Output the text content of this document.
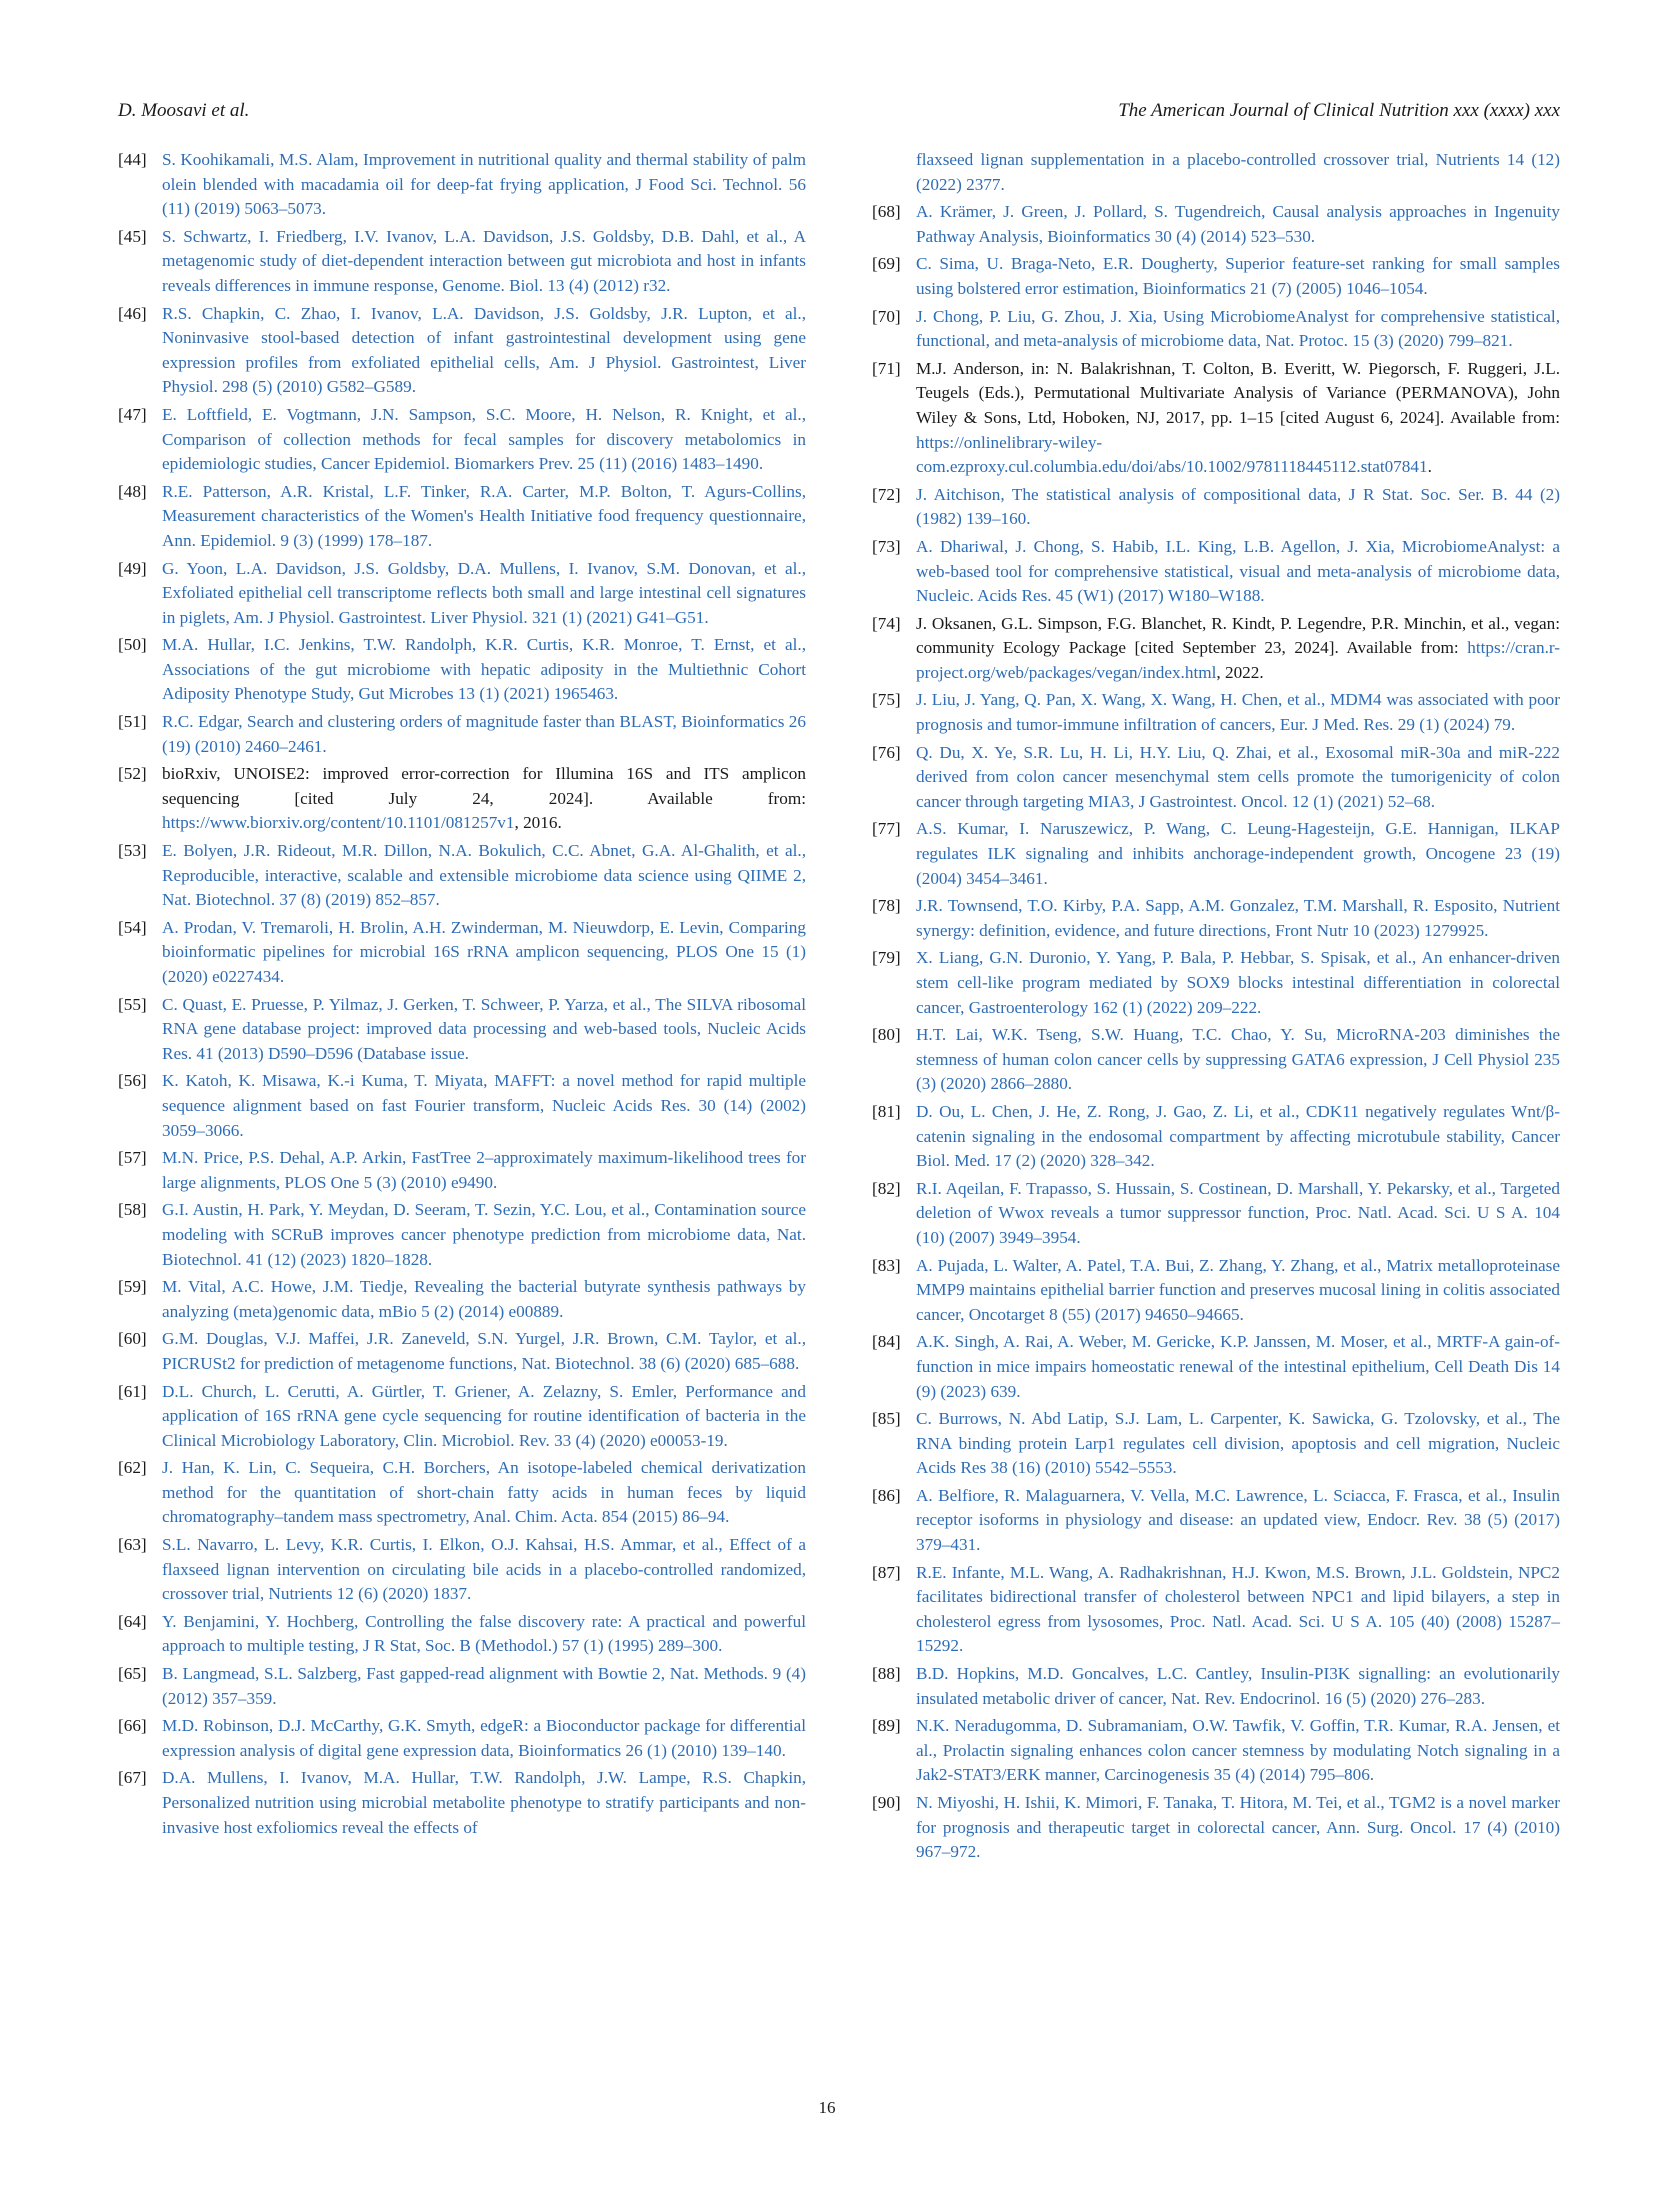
D. Moosavi et al.	The American Journal of Clinical Nutrition xxx (xxxx) xxx
[44] S. Koohikamali, M.S. Alam, Improvement in nutritional quality and thermal stability of palm olein blended with macadamia oil for deep-fat frying application, J Food Sci. Technol. 56 (11) (2019) 5063–5073.
[45] S. Schwartz, I. Friedberg, I.V. Ivanov, L.A. Davidson, J.S. Goldsby, D.B. Dahl, et al., A metagenomic study of diet-dependent interaction between gut microbiota and host in infants reveals differences in immune response, Genome. Biol. 13 (4) (2012) r32.
[46] R.S. Chapkin, C. Zhao, I. Ivanov, L.A. Davidson, J.S. Goldsby, J.R. Lupton, et al., Noninvasive stool-based detection of infant gastrointestinal development using gene expression profiles from exfoliated epithelial cells, Am. J Physiol. Gastrointest, Liver Physiol. 298 (5) (2010) G582–G589.
[47] E. Loftfield, E. Vogtmann, J.N. Sampson, S.C. Moore, H. Nelson, R. Knight, et al., Comparison of collection methods for fecal samples for discovery metabolomics in epidemiologic studies, Cancer Epidemiol. Biomarkers Prev. 25 (11) (2016) 1483–1490.
[48] R.E. Patterson, A.R. Kristal, L.F. Tinker, R.A. Carter, M.P. Bolton, T. Agurs-Collins, Measurement characteristics of the Women's Health Initiative food frequency questionnaire, Ann. Epidemiol. 9 (3) (1999) 178–187.
[49] G. Yoon, L.A. Davidson, J.S. Goldsby, D.A. Mullens, I. Ivanov, S.M. Donovan, et al., Exfoliated epithelial cell transcriptome reflects both small and large intestinal cell signatures in piglets, Am. J Physiol. Gastrointest. Liver Physiol. 321 (1) (2021) G41–G51.
[50] M.A. Hullar, I.C. Jenkins, T.W. Randolph, K.R. Curtis, K.R. Monroe, T. Ernst, et al., Associations of the gut microbiome with hepatic adiposity in the Multiethnic Cohort Adiposity Phenotype Study, Gut Microbes 13 (1) (2021) 1965463.
[51] R.C. Edgar, Search and clustering orders of magnitude faster than BLAST, Bioinformatics 26 (19) (2010) 2460–2461.
[52] bioRxiv, UNOISE2: improved error-correction for Illumina 16S and ITS amplicon sequencing [cited July 24, 2024]. Available from: https://www.biorxiv.org/content/10.1101/081257v1, 2016.
[53] E. Bolyen, J.R. Rideout, M.R. Dillon, N.A. Bokulich, C.C. Abnet, G.A. Al-Ghalith, et al., Reproducible, interactive, scalable and extensible microbiome data science using QIIME 2, Nat. Biotechnol. 37 (8) (2019) 852–857.
[54] A. Prodan, V. Tremaroli, H. Brolin, A.H. Zwinderman, M. Nieuwdorp, E. Levin, Comparing bioinformatic pipelines for microbial 16S rRNA amplicon sequencing, PLOS One 15 (1) (2020) e0227434.
[55] C. Quast, E. Pruesse, P. Yilmaz, J. Gerken, T. Schweer, P. Yarza, et al., The SILVA ribosomal RNA gene database project: improved data processing and web-based tools, Nucleic Acids Res. 41 (2013) D590–D596 (Database issue.
[56] K. Katoh, K. Misawa, K.-i Kuma, T. Miyata, MAFFT: a novel method for rapid multiple sequence alignment based on fast Fourier transform, Nucleic Acids Res. 30 (14) (2002) 3059–3066.
[57] M.N. Price, P.S. Dehal, A.P. Arkin, FastTree 2–approximately maximum-likelihood trees for large alignments, PLOS One 5 (3) (2010) e9490.
[58] G.I. Austin, H. Park, Y. Meydan, D. Seeram, T. Sezin, Y.C. Lou, et al., Contamination source modeling with SCRuB improves cancer phenotype prediction from microbiome data, Nat. Biotechnol. 41 (12) (2023) 1820–1828.
[59] M. Vital, A.C. Howe, J.M. Tiedje, Revealing the bacterial butyrate synthesis pathways by analyzing (meta)genomic data, mBio 5 (2) (2014) e00889.
[60] G.M. Douglas, V.J. Maffei, J.R. Zaneveld, S.N. Yurgel, J.R. Brown, C.M. Taylor, et al., PICRUSt2 for prediction of metagenome functions, Nat. Biotechnol. 38 (6) (2020) 685–688.
[61] D.L. Church, L. Cerutti, A. Gürtler, T. Griener, A. Zelazny, S. Emler, Performance and application of 16S rRNA gene cycle sequencing for routine identification of bacteria in the Clinical Microbiology Laboratory, Clin. Microbiol. Rev. 33 (4) (2020) e00053-19.
[62] J. Han, K. Lin, C. Sequeira, C.H. Borchers, An isotope-labeled chemical derivatization method for the quantitation of short-chain fatty acids in human feces by liquid chromatography–tandem mass spectrometry, Anal. Chim. Acta. 854 (2015) 86–94.
[63] S.L. Navarro, L. Levy, K.R. Curtis, I. Elkon, O.J. Kahsai, H.S. Ammar, et al., Effect of a flaxseed lignan intervention on circulating bile acids in a placebo-controlled randomized, crossover trial, Nutrients 12 (6) (2020) 1837.
[64] Y. Benjamini, Y. Hochberg, Controlling the false discovery rate: A practical and powerful approach to multiple testing, J R Stat, Soc. B (Methodol.) 57 (1) (1995) 289–300.
[65] B. Langmead, S.L. Salzberg, Fast gapped-read alignment with Bowtie 2, Nat. Methods. 9 (4) (2012) 357–359.
[66] M.D. Robinson, D.J. McCarthy, G.K. Smyth, edgeR: a Bioconductor package for differential expression analysis of digital gene expression data, Bioinformatics 26 (1) (2010) 139–140.
[67] D.A. Mullens, I. Ivanov, M.A. Hullar, T.W. Randolph, J.W. Lampe, R.S. Chapkin, Personalized nutrition using microbial metabolite phenotype to stratify participants and non-invasive host exfoliomics reveal the effects of
flaxseed lignan supplementation in a placebo-controlled crossover trial, Nutrients 14 (12) (2022) 2377.
[68] A. Krämer, J. Green, J. Pollard, S. Tugendreich, Causal analysis approaches in Ingenuity Pathway Analysis, Bioinformatics 30 (4) (2014) 523–530.
[69] C. Sima, U. Braga-Neto, E.R. Dougherty, Superior feature-set ranking for small samples using bolstered error estimation, Bioinformatics 21 (7) (2005) 1046–1054.
[70] J. Chong, P. Liu, G. Zhou, J. Xia, Using MicrobiomeAnalyst for comprehensive statistical, functional, and meta-analysis of microbiome data, Nat. Protoc. 15 (3) (2020) 799–821.
[71] M.J. Anderson, in: N. Balakrishnan, T. Colton, B. Everitt, W. Piegorsch, F. Ruggeri, J.L. Teugels (Eds.), Permutational Multivariate Analysis of Variance (PERMANOVA), John Wiley & Sons, Ltd, Hoboken, NJ, 2017, pp. 1–15 [cited August 6, 2024]. Available from: https://onlinelibrary-wiley-com.ezproxy.cul.columbia.edu/doi/abs/10.1002/9781118445112.stat07841.
[72] J. Aitchison, The statistical analysis of compositional data, J R Stat. Soc. Ser. B. 44 (2) (1982) 139–160.
[73] A. Dhariwal, J. Chong, S. Habib, I.L. King, L.B. Agellon, J. Xia, MicrobiomeAnalyst: a web-based tool for comprehensive statistical, visual and meta-analysis of microbiome data, Nucleic. Acids Res. 45 (W1) (2017) W180–W188.
[74] J. Oksanen, G.L. Simpson, F.G. Blanchet, R. Kindt, P. Legendre, P.R. Minchin, et al., vegan: community Ecology Package [cited September 23, 2024]. Available from: https://cran.r-project.org/web/packages/vegan/index.html, 2022.
[75] J. Liu, J. Yang, Q. Pan, X. Wang, X. Wang, H. Chen, et al., MDM4 was associated with poor prognosis and tumor-immune infiltration of cancers, Eur. J Med. Res. 29 (1) (2024) 79.
[76] Q. Du, X. Ye, S.R. Lu, H. Li, H.Y. Liu, Q. Zhai, et al., Exosomal miR-30a and miR-222 derived from colon cancer mesenchymal stem cells promote the tumorigenicity of colon cancer through targeting MIA3, J Gastrointest. Oncol. 12 (1) (2021) 52–68.
[77] A.S. Kumar, I. Naruszewicz, P. Wang, C. Leung-Hagesteijn, G.E. Hannigan, ILKAP regulates ILK signaling and inhibits anchorage-independent growth, Oncogene 23 (19) (2004) 3454–3461.
[78] J.R. Townsend, T.O. Kirby, P.A. Sapp, A.M. Gonzalez, T.M. Marshall, R. Esposito, Nutrient synergy: definition, evidence, and future directions, Front Nutr 10 (2023) 1279925.
[79] X. Liang, G.N. Duronio, Y. Yang, P. Bala, P. Hebbar, S. Spisak, et al., An enhancer-driven stem cell-like program mediated by SOX9 blocks intestinal differentiation in colorectal cancer, Gastroenterology 162 (1) (2022) 209–222.
[80] H.T. Lai, W.K. Tseng, S.W. Huang, T.C. Chao, Y. Su, MicroRNA-203 diminishes the stemness of human colon cancer cells by suppressing GATA6 expression, J Cell Physiol 235 (3) (2020) 2866–2880.
[81] D. Ou, L. Chen, J. He, Z. Rong, J. Gao, Z. Li, et al., CDK11 negatively regulates Wnt/β-catenin signaling in the endosomal compartment by affecting microtubule stability, Cancer Biol. Med. 17 (2) (2020) 328–342.
[82] R.I. Aqeilan, F. Trapasso, S. Hussain, S. Costinean, D. Marshall, Y. Pekarsky, et al., Targeted deletion of Wwox reveals a tumor suppressor function, Proc. Natl. Acad. Sci. U S A. 104 (10) (2007) 3949–3954.
[83] A. Pujada, L. Walter, A. Patel, T.A. Bui, Z. Zhang, Y. Zhang, et al., Matrix metalloproteinase MMP9 maintains epithelial barrier function and preserves mucosal lining in colitis associated cancer, Oncotarget 8 (55) (2017) 94650–94665.
[84] A.K. Singh, A. Rai, A. Weber, M. Gericke, K.P. Janssen, M. Moser, et al., MRTF-A gain-of-function in mice impairs homeostatic renewal of the intestinal epithelium, Cell Death Dis 14 (9) (2023) 639.
[85] C. Burrows, N. Abd Latip, S.J. Lam, L. Carpenter, K. Sawicka, G. Tzolovsky, et al., The RNA binding protein Larp1 regulates cell division, apoptosis and cell migration, Nucleic Acids Res 38 (16) (2010) 5542–5553.
[86] A. Belfiore, R. Malaguarnera, V. Vella, M.C. Lawrence, L. Sciacca, F. Frasca, et al., Insulin receptor isoforms in physiology and disease: an updated view, Endocr. Rev. 38 (5) (2017) 379–431.
[87] R.E. Infante, M.L. Wang, A. Radhakrishnan, H.J. Kwon, M.S. Brown, J.L. Goldstein, NPC2 facilitates bidirectional transfer of cholesterol between NPC1 and lipid bilayers, a step in cholesterol egress from lysosomes, Proc. Natl. Acad. Sci. U S A. 105 (40) (2008) 15287–15292.
[88] B.D. Hopkins, M.D. Goncalves, L.C. Cantley, Insulin-PI3K signalling: an evolutionarily insulated metabolic driver of cancer, Nat. Rev. Endocrinol. 16 (5) (2020) 276–283.
[89] N.K. Neradugomma, D. Subramaniam, O.W. Tawfik, V. Goffin, T.R. Kumar, R.A. Jensen, et al., Prolactin signaling enhances colon cancer stemness by modulating Notch signaling in a Jak2-STAT3/ERK manner, Carcinogenesis 35 (4) (2014) 795–806.
[90] N. Miyoshi, H. Ishii, K. Mimori, F. Tanaka, T. Hitora, M. Tei, et al., TGM2 is a novel marker for prognosis and therapeutic target in colorectal cancer, Ann. Surg. Oncol. 17 (4) (2010) 967–972.
16
